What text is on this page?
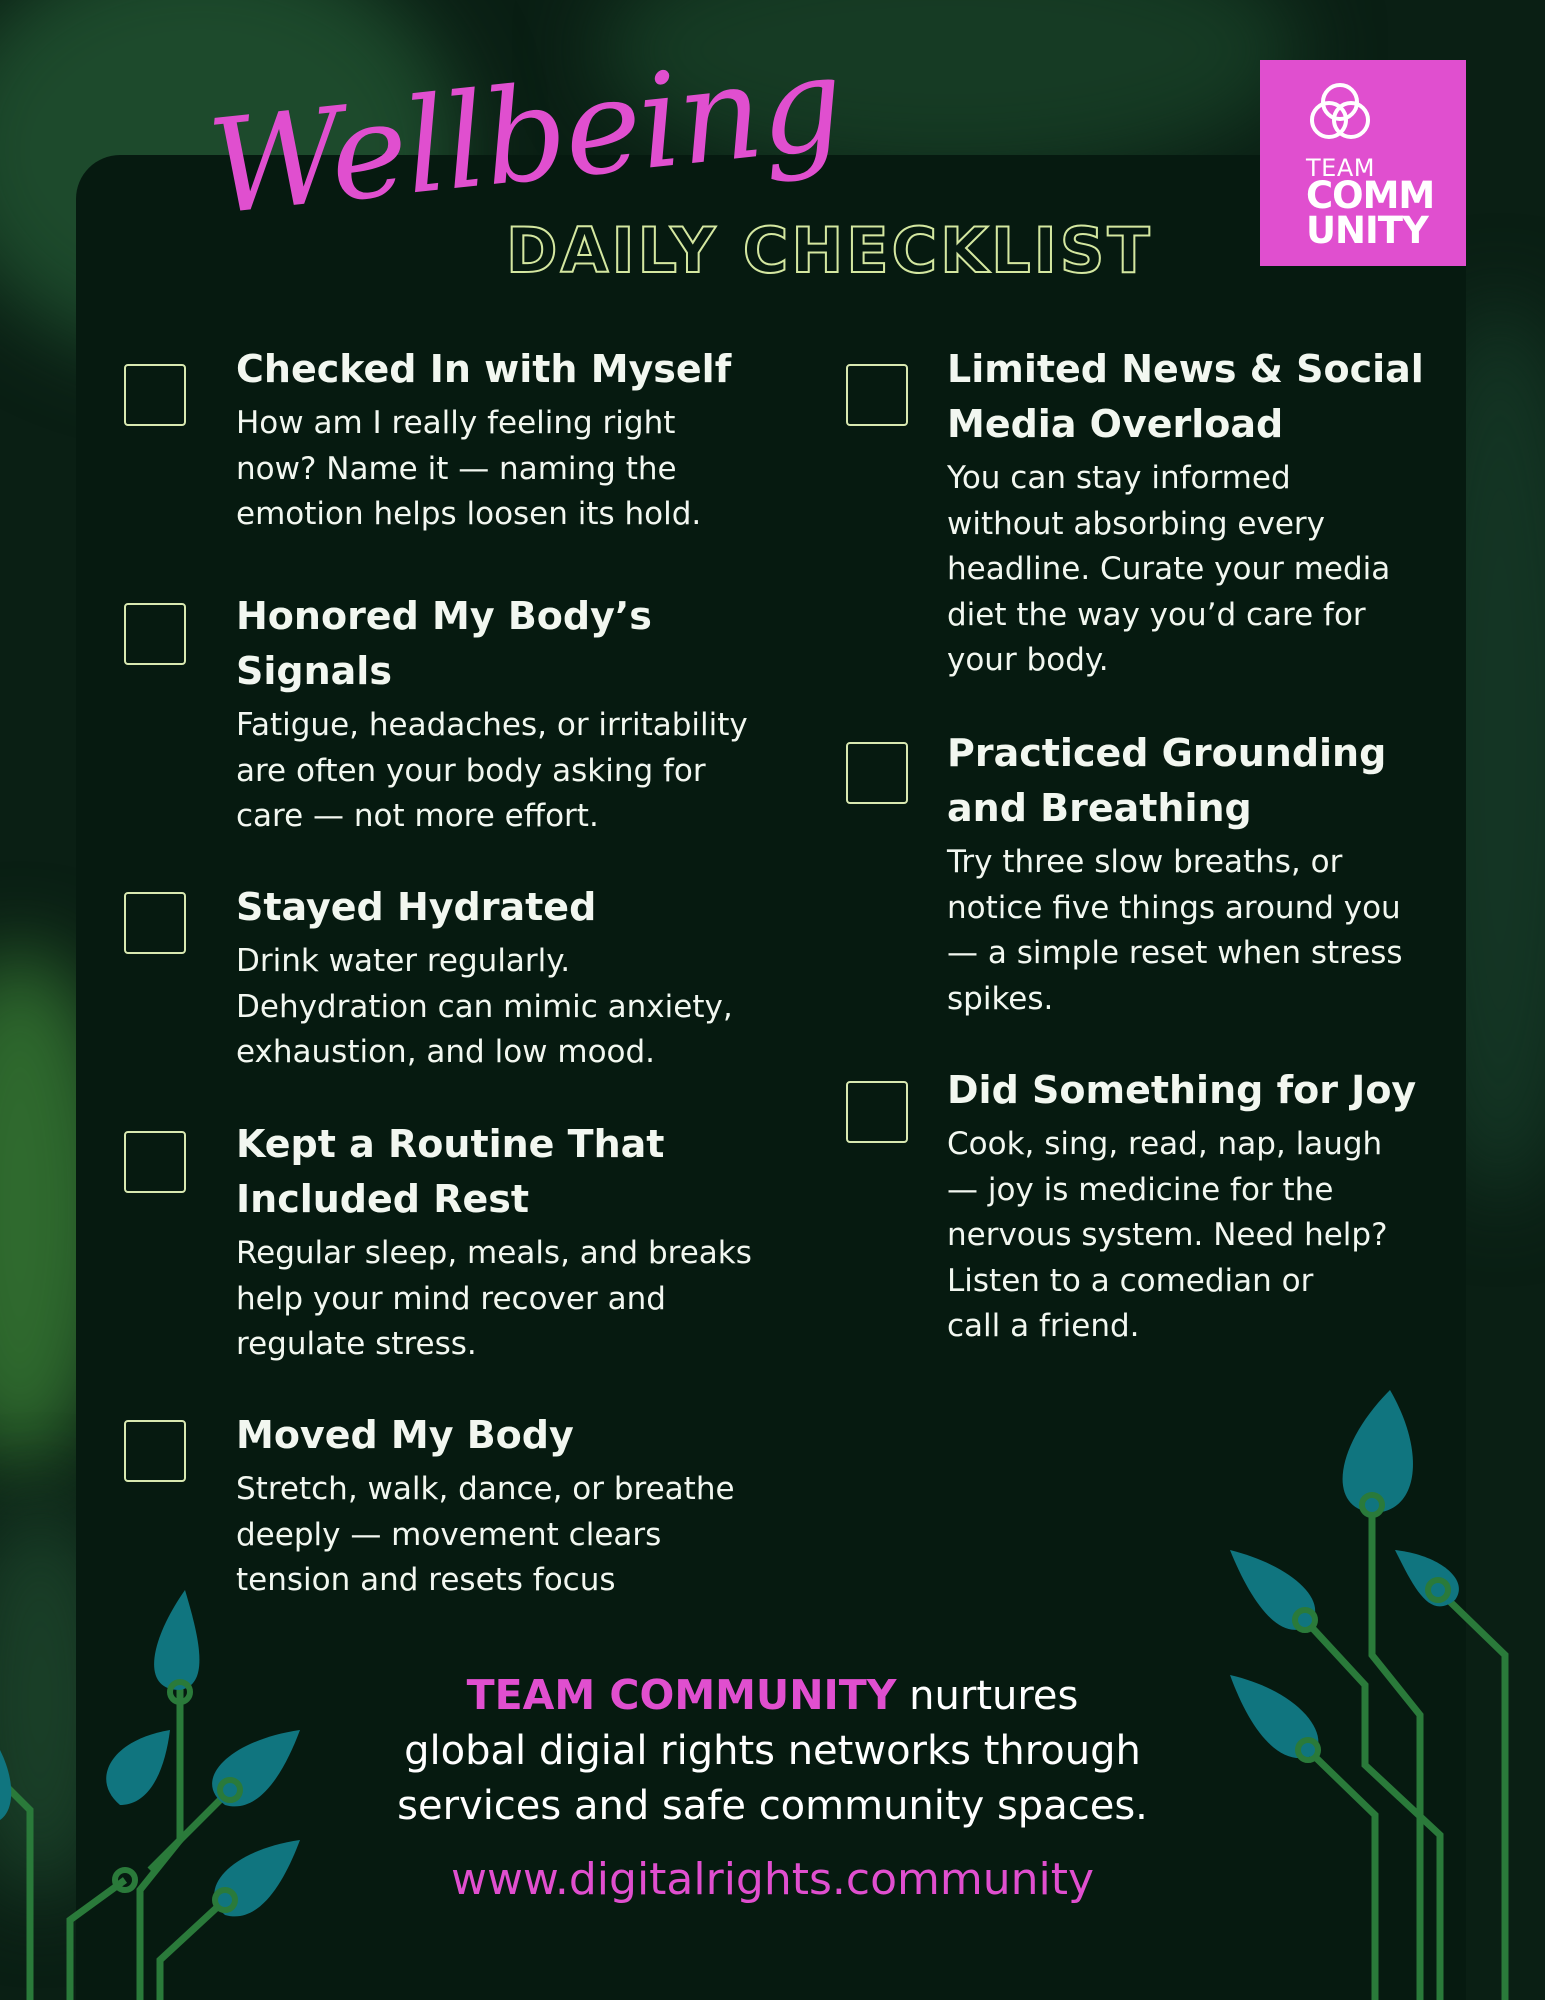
Wellbeing
DAILY CHECKLIST
TEAM
COMM
UNITY
Checked In with Myself
How am I really feeling right
now? Name it — naming the
emotion helps loosen its hold.
Honored My Body’s
Signals
Fatigue, headaches, or irritability
are often your body asking for
care — not more effort.
Stayed Hydrated
Drink water regularly.
Dehydration can mimic anxiety,
exhaustion, and low mood.
Kept a Routine That
Included Rest
Regular sleep, meals, and breaks
help your mind recover and
regulate stress.
Moved My Body
Stretch, walk, dance, or breathe
deeply — movement clears
tension and resets focus
Limited News & Social
Media Overload
You can stay informed
without absorbing every
headline. Curate your media
diet the way you’d care for
your body.
Practiced Grounding
and Breathing
Try three slow breaths, or
notice five things around you
— a simple reset when stress
spikes.
Did Something for Joy
Cook, sing, read, nap, laugh
— joy is medicine for the
nervous system. Need help?
Listen to a comedian or
call a friend.
TEAM COMMUNITY nurtures
global digial rights networks through
services and safe community spaces.
www.digitalrights.community
